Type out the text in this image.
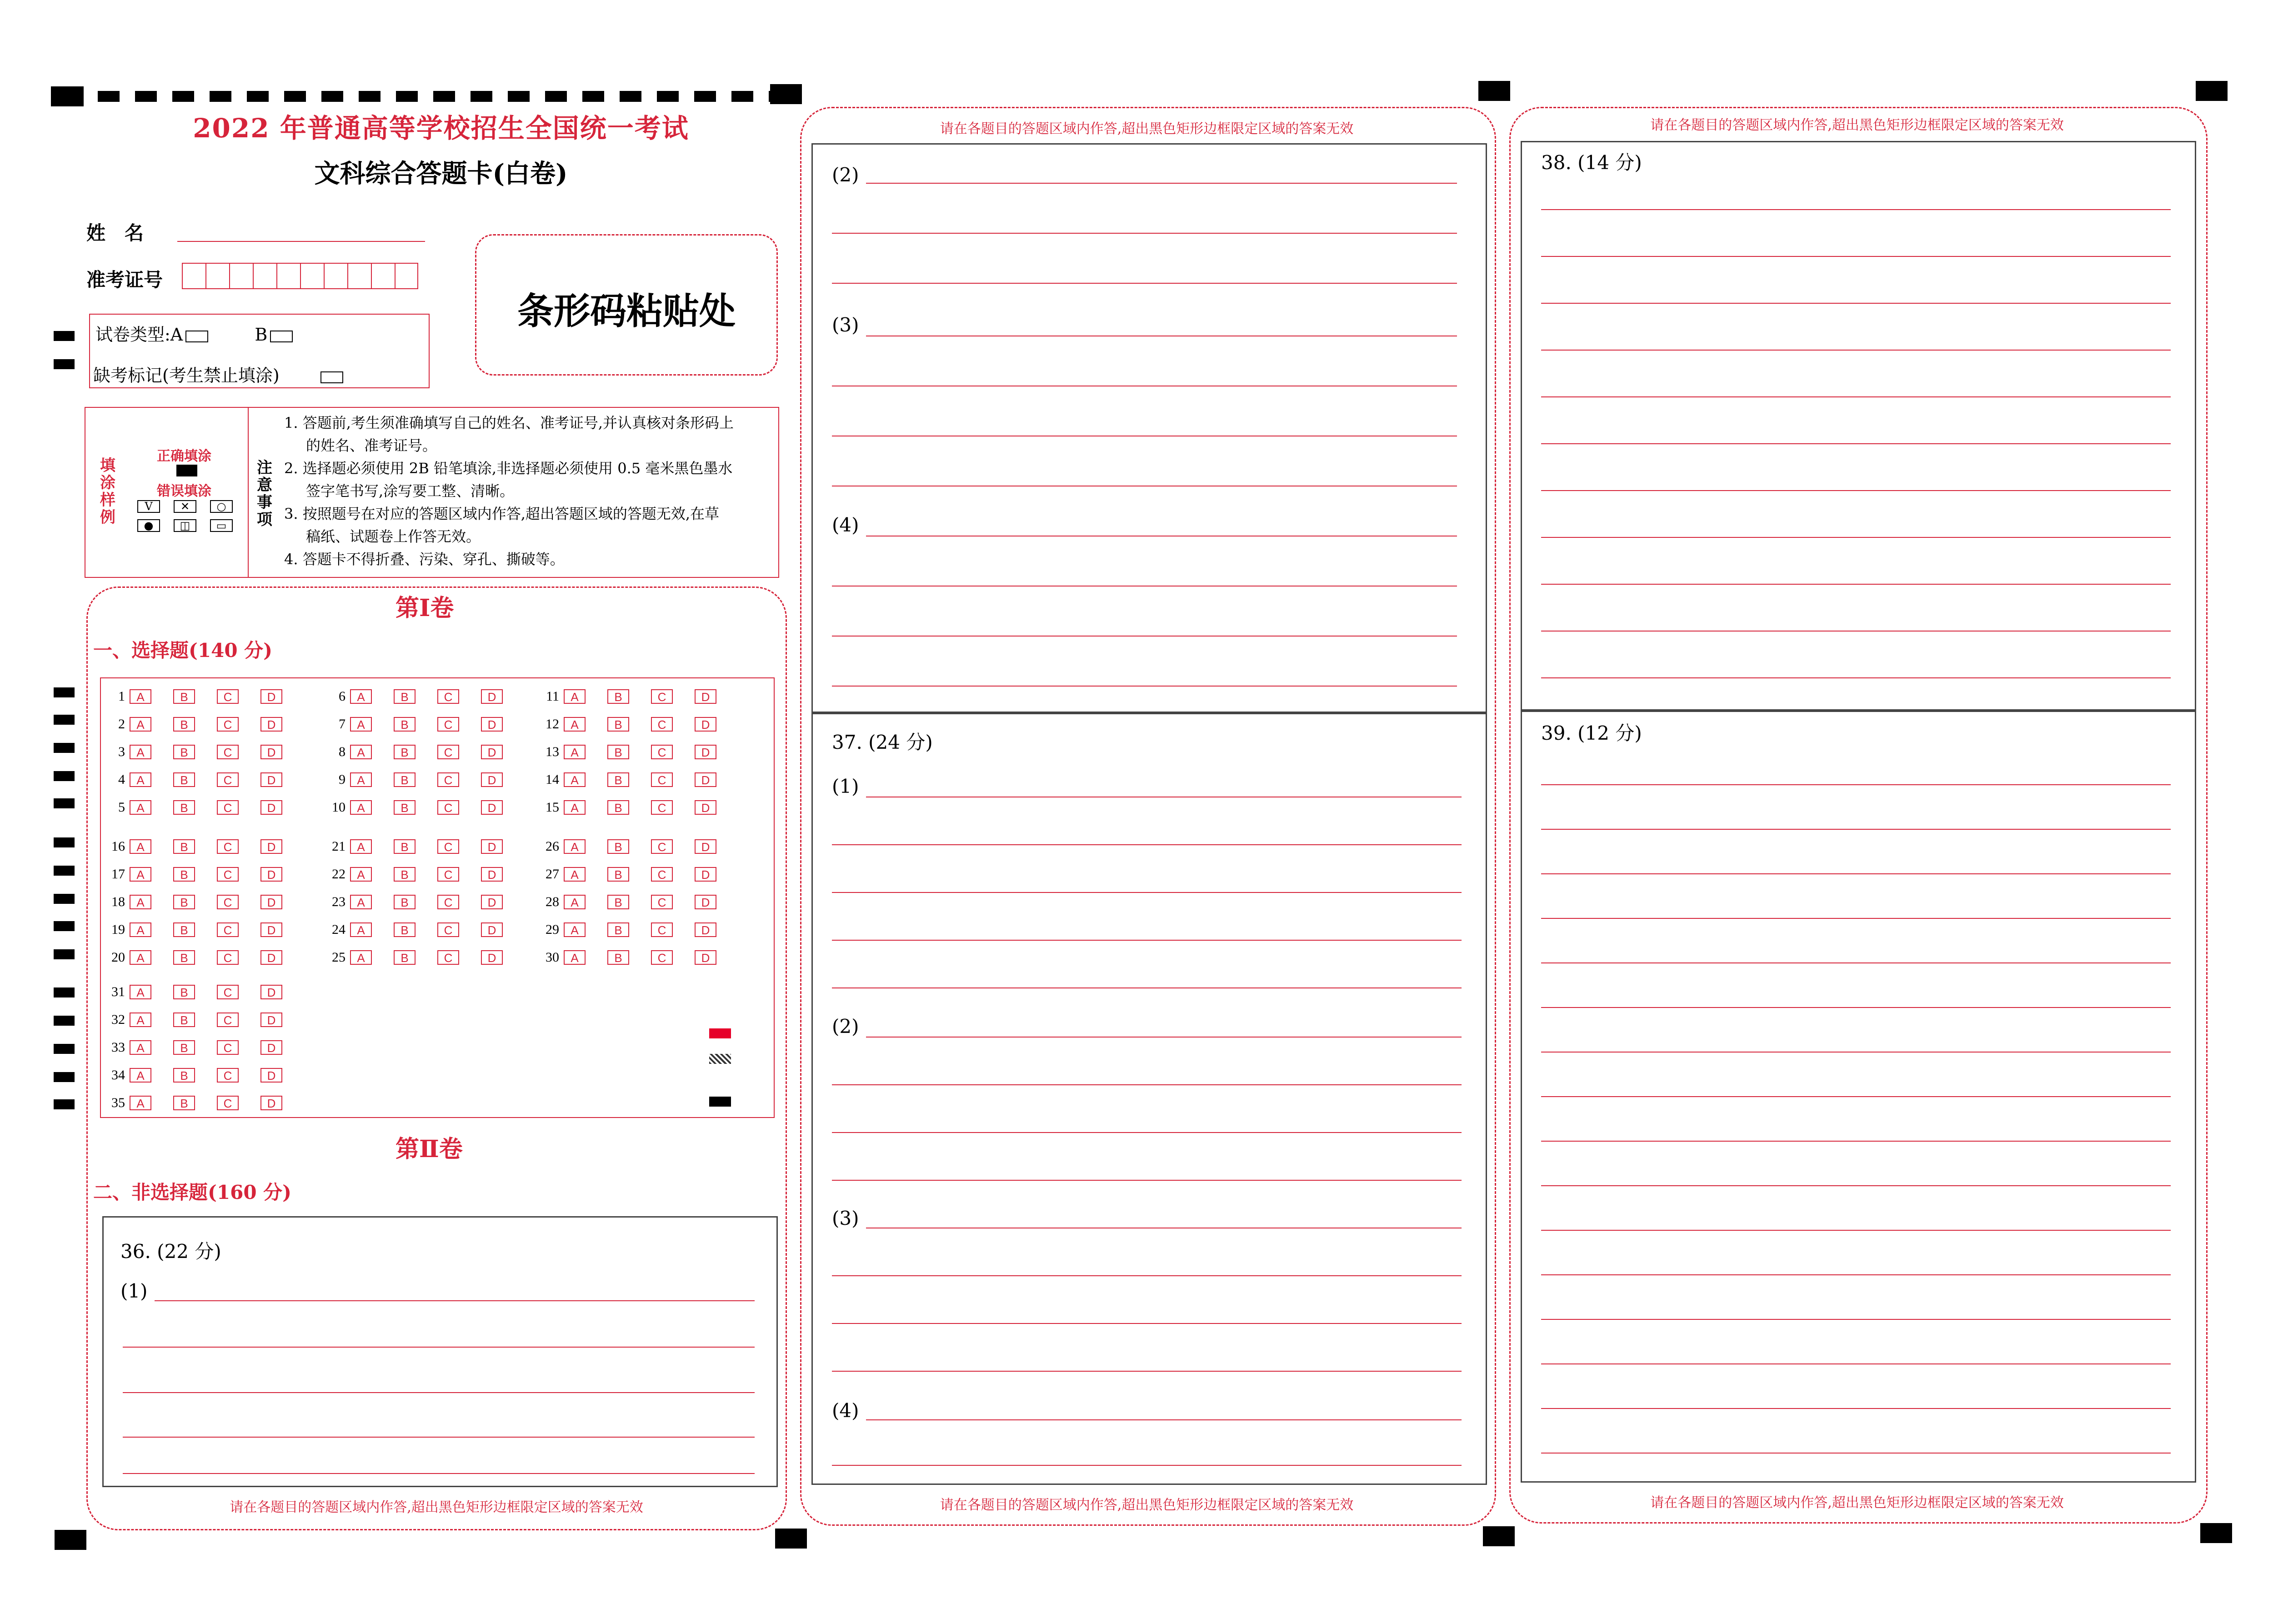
2022 年普通高等学校招生全国统一考试
文科综合答题卡(白卷)
姓　名
准考证号
试卷类型:A	B
缺考标记(考生禁止填涂)
条形码粘贴处
填涂样例
正确填涂
错误填涂
V	✕	○
●	◫	▭
注意事项
1. 答题前,考生须准确填写自己的姓名、准考证号,并认真核对条形码上
的姓名、准考证号。
2. 选择题必须使用 2B 铅笔填涂,非选择题必须使用 0.5 毫米黑色墨水
签字笔书写,涂写要工整、清晰。
3. 按照题号在对应的答题区域内作答,超出答题区域的答题无效,在草
稿纸、试题卷上作答无效。
4. 答题卡不得折叠、污染、穿孔、撕破等。
第Ⅰ卷
一、选择题(140 分)
1 A	B	C	D
2 A	B	C	D
3 A	B	C	D
4 A	B	C	D
5 A	B	C	D
6 A	B	C	D
7 A	B	C	D
8 A	B	C	D
9 A	B	C	D
10 A	B	C	D
11 A	B	C	D
12 A	B	C	D
13 A	B	C	D
14 A	B	C	D
15 A	B	C	D
16 A	B	C	D
17 A	B	C	D
18 A	B	C	D
19 A	B	C	D
20 A	B	C	D
21 A	B	C	D
22 A	B	C	D
23 A	B	C	D
24 A	B	C	D
25 A	B	C	D
26 A	B	C	D
27 A	B	C	D
28 A	B	C	D
29 A	B	C	D
30 A	B	C	D
31 A	B	C	D
32 A	B	C	D
33 A	B	C	D
34 A	B	C	D
35 A	B	C	D
第Ⅱ卷
二、非选择题(160 分)
36. (22 分)
(1)
请在各题目的答题区域内作答,超出黑色矩形边框限定区域的答案无效
请在各题目的答题区域内作答,超出黑色矩形边框限定区域的答案无效
(2)
(3)
(4)
37. (24 分)
(1)
(2)
(3)
(4)
请在各题目的答题区域内作答,超出黑色矩形边框限定区域的答案无效
请在各题目的答题区域内作答,超出黑色矩形边框限定区域的答案无效
38. (14 分)
39. (12 分)
请在各题目的答题区域内作答,超出黑色矩形边框限定区域的答案无效
